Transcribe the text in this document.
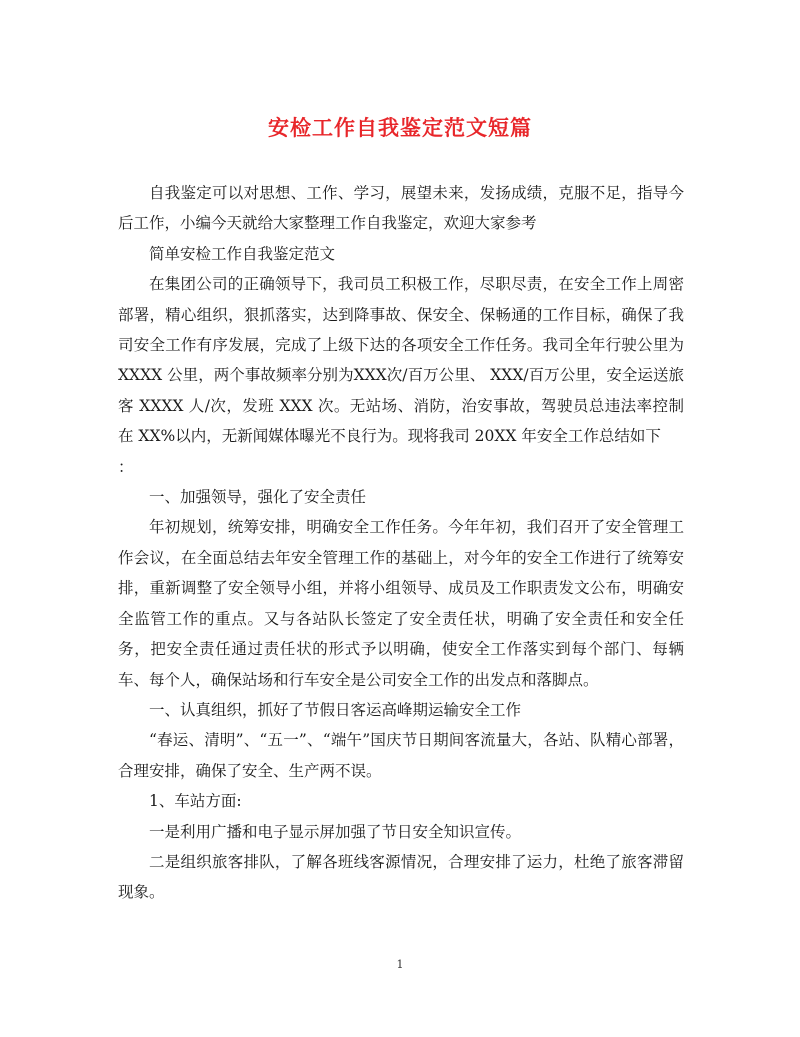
安检工作自我鉴定范文短篇

自我鉴定可以对思想、工作、学习，展望未来，发扬成绩，克服不足，指导今后工作，小编今天就给大家整理工作自我鉴定，欢迎大家参考

简单安检工作自我鉴定范文

在集团公司的正确领导下，我司员工积极工作，尽职尽责，在安全工作上周密部署，精心组织，狠抓落实，达到降事故、保安全、保畅通的工作目标，确保了我司安全工作有序发展，完成了上级下达的各项安全工作任务。我司全年行驶公里为 XXXX 公里，两个事故频率分别为XXX次/百万公里、 XXX/百万公里，安全运送旅客 XXXX 人/次，发班 XXX 次。无站场、消防，治安事故，驾驶员总违法率控制在 XX%以内，无新闻媒体曝光不良行为。现将我司 20XX 年安全工作总结如下

：

一、加强领导，强化了安全责任

年初规划，统筹安排，明确安全工作任务。今年年初，我们召开了安全管理工作会议，在全面总结去年安全管理工作的基础上，对今年的安全工作进行了统筹安排，重新调整了安全领导小组，并将小组领导、成员及工作职责发文公布，明确安全监管工作的重点。又与各站队长签定了安全责任状，明确了安全责任和安全任务，把安全责任通过责任状的形式予以明确，使安全工作落实到每个部门、每辆车、每个人，确保站场和行车安全是公司安全工作的出发点和落脚点。

一、认真组织，抓好了节假日客运高峰期运输安全工作

“春运、清明”、“五一”、“端午”国庆节日期间客流量大，各站、队精心部署，合理安排，确保了安全、生产两不误。

1、车站方面:

一是利用广播和电子显示屏加强了节日安全知识宣传。

二是组织旅客排队，了解各班线客源情况，合理安排了运力，杜绝了旅客滞留现象。

1
